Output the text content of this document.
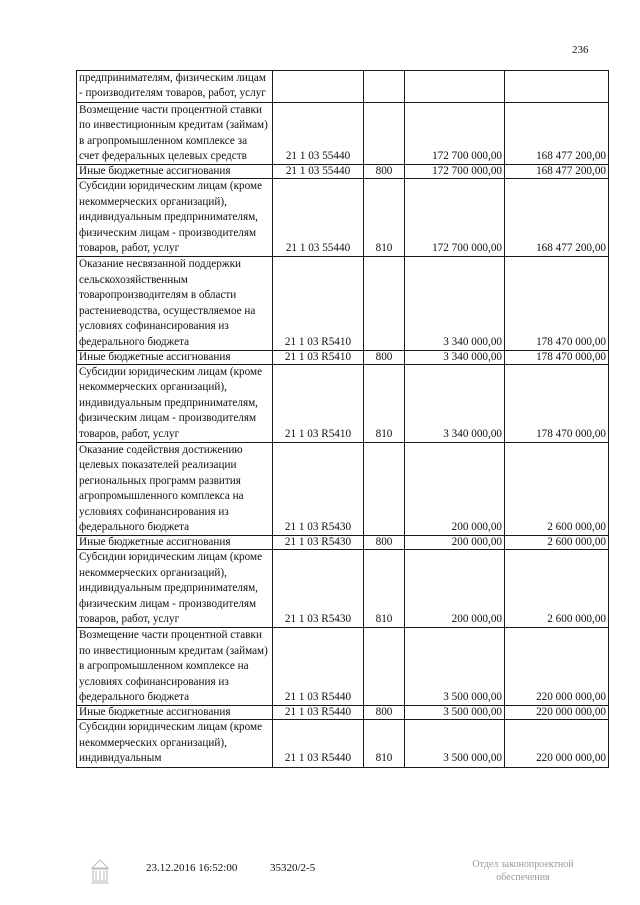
236
предпринимателям, физическим лицам - производителям товаров, работ, услуг				
Возмещение части процентной ставки по инвестиционным кредитам (займам) в агропромышленном комплексе за счет федеральных целевых средств	21 1 03 55440		172 700 000,00	168 477 200,00
Иные бюджетные ассигнования	21 1 03 55440	800	172 700 000,00	168 477 200,00
Субсидии юридическим лицам (кроме некоммерческих организаций), индивидуальным предпринимателям, физическим лицам - производителям товаров, работ, услуг	21 1 03 55440	810	172 700 000,00	168 477 200,00
Оказание несвязанной поддержки сельскохозяйственным товаропроизводителям в области растениеводства, осуществляемое на условиях софинансирования из федерального бюджета	21 1 03 R5410		3 340 000,00	178 470 000,00
Иные бюджетные ассигнования	21 1 03 R5410	800	3 340 000,00	178 470 000,00
Субсидии юридическим лицам (кроме некоммерческих организаций), индивидуальным предпринимателям, физическим лицам - производителям товаров, работ, услуг	21 1 03 R5410	810	3 340 000,00	178 470 000,00
Оказание содействия достижению целевых показателей реализации региональных программ развития агропромышленного комплекса на условиях софинансирования из федерального бюджета	21 1 03 R5430		200 000,00	2 600 000,00
Иные бюджетные ассигнования	21 1 03 R5430	800	200 000,00	2 600 000,00
Субсидии юридическим лицам (кроме некоммерческих организаций), индивидуальным предпринимателям, физическим лицам - производителям товаров, работ, услуг	21 1 03 R5430	810	200 000,00	2 600 000,00
Возмещение части процентной ставки по инвестиционным кредитам (займам) в агропромышленном комплексе на условиях софинансирования из федерального бюджета	21 1 03 R5440		3 500 000,00	220 000 000,00
Иные бюджетные ассигнования	21 1 03 R5440	800	3 500 000,00	220 000 000,00
Субсидии юридическим лицам (кроме некоммерческих организаций), индивидуальным	21 1 03 R5440	810	3 500 000,00	220 000 000,00
23.12.2016 16:52:00	35320/2-5	Отдел законопроектной
обеспечения
